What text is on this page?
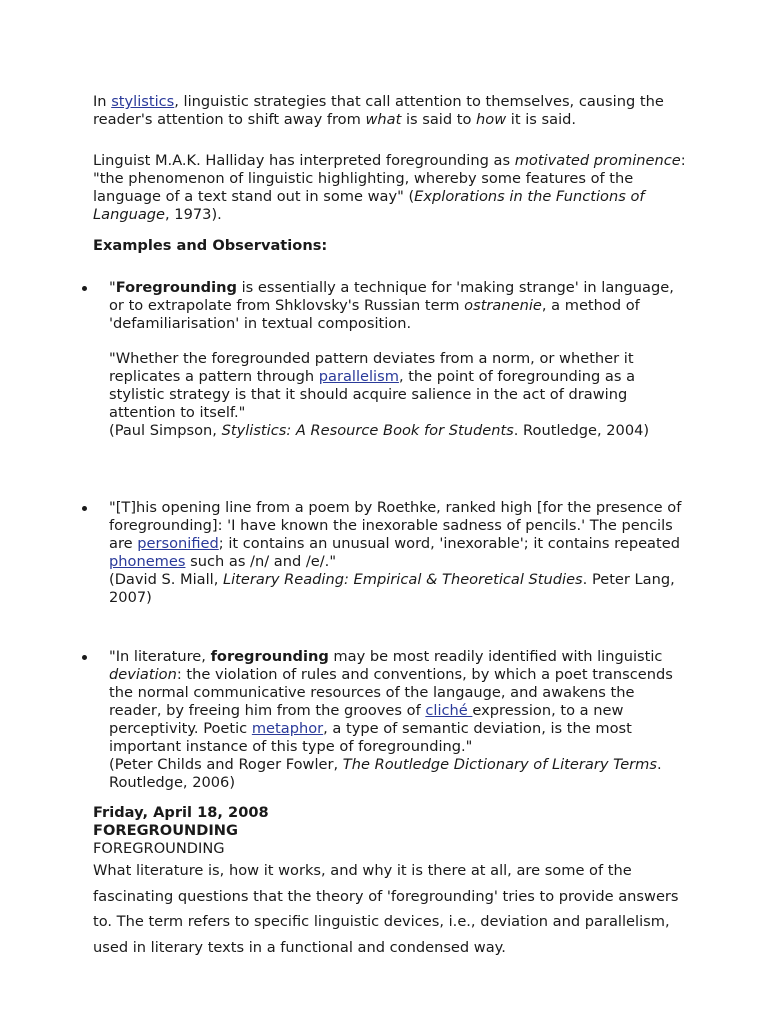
In stylistics, linguistic strategies that call attention to themselves, causing the reader's attention to shift away from what is said to how it is said.

Linguist M.A.K. Halliday has interpreted foregrounding as motivated prominence: "the phenomenon of linguistic highlighting, whereby some features of the language of a text stand out in some way" (Explorations in the Functions of Language, 1973).

Examples and Observations:

"Foregrounding is essentially a technique for 'making strange' in language, or to extrapolate from Shklovsky's Russian term ostranenie, a method of 'defamiliarisation' in textual composition.

"Whether the foregrounded pattern deviates from a norm, or whether it replicates a pattern through parallelism, the point of foregrounding as a stylistic strategy is that it should acquire salience in the act of drawing attention to itself."
(Paul Simpson, Stylistics: A Resource Book for Students. Routledge, 2004)

"[T]his opening line from a poem by Roethke, ranked high [for the presence of foregrounding]: 'I have known the inexorable sadness of pencils.' The pencils are personified; it contains an unusual word, 'inexorable'; it contains repeated phonemes such as /n/ and /e/."
(David S. Miall, Literary Reading: Empirical & Theoretical Studies. Peter Lang, 2007)

"In literature, foregrounding may be most readily identified with linguistic deviation: the violation of rules and conventions, by which a poet transcends the normal communicative resources of the langauge, and awakens the reader, by freeing him from the grooves of cliché expression, to a new perceptivity. Poetic metaphor, a type of semantic deviation, is the most important instance of this type of foregrounding."
(Peter Childs and Roger Fowler, The Routledge Dictionary of Literary Terms. Routledge, 2006)

Friday, April 18, 2008
FOREGROUNDING
FOREGROUNDING

What literature is, how it works, and why it is there at all, are some of the fascinating questions that the theory of 'foregrounding' tries to provide answers to. The term refers to specific linguistic devices, i.e., deviation and parallelism, used in literary texts in a functional and condensed way.
